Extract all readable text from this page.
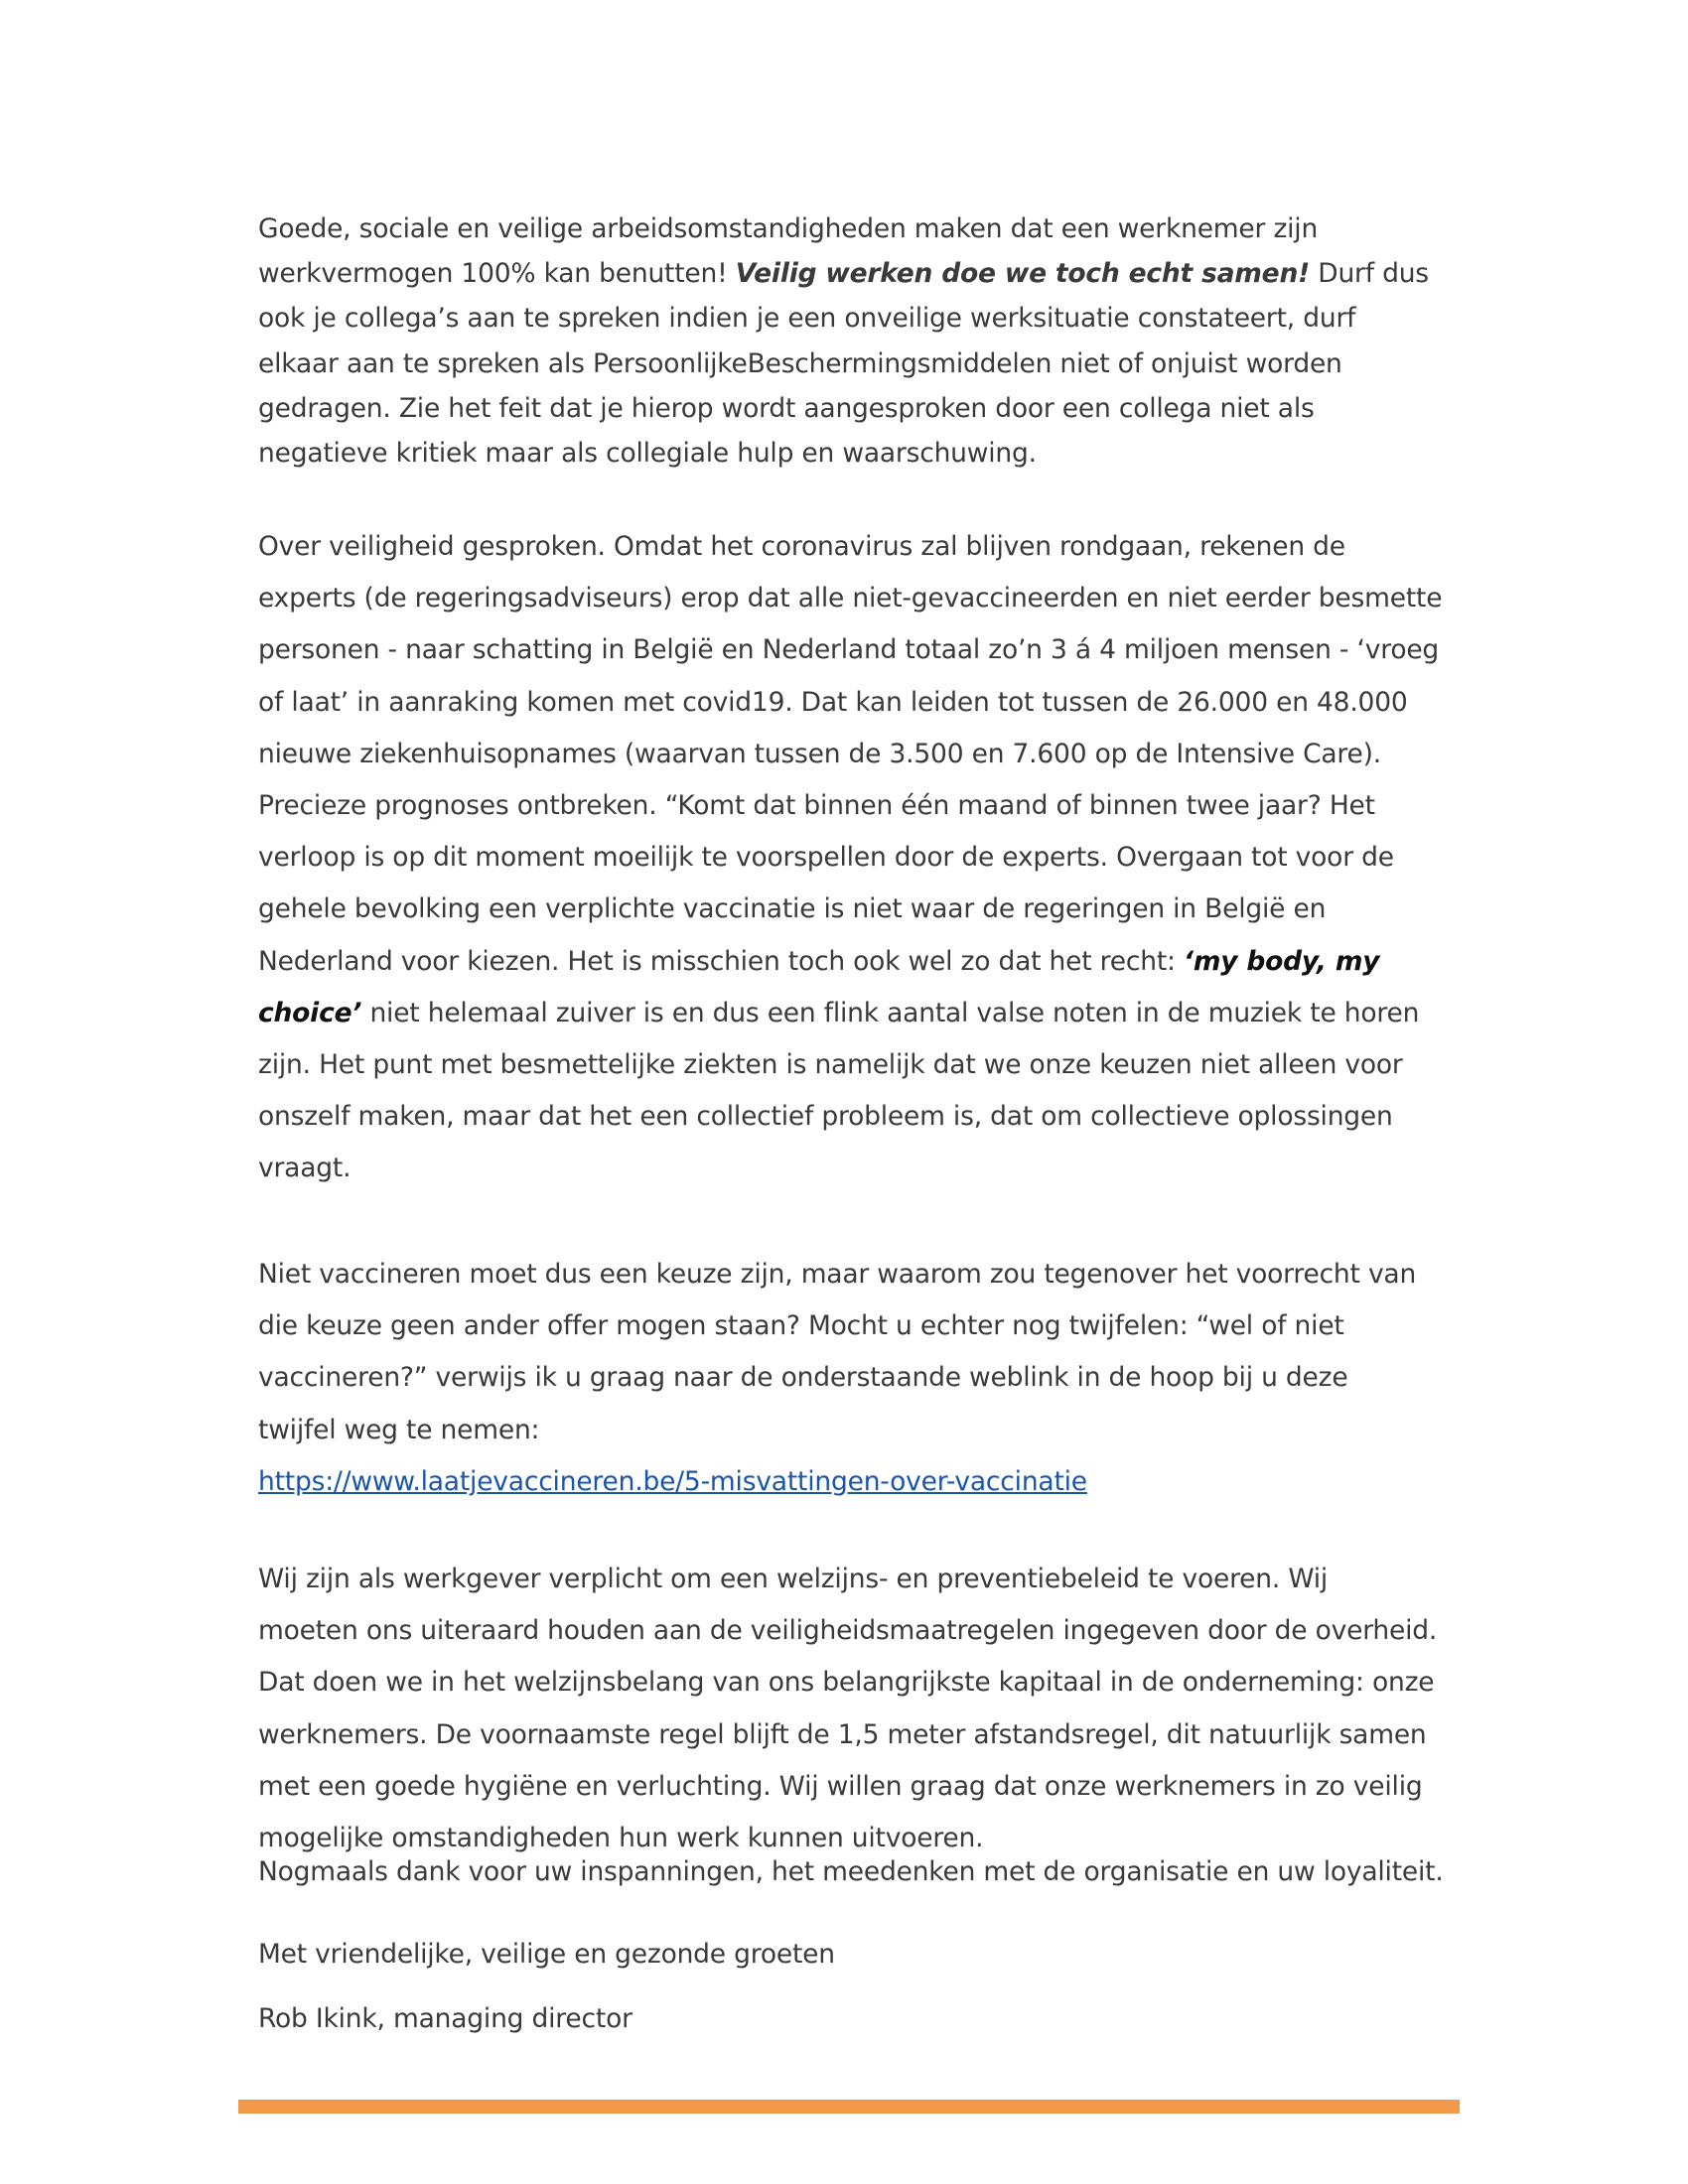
Goede, sociale en veilige arbeidsomstandigheden maken dat een werknemer zijn
werkvermogen 100% kan benutten! Veilig werken doe we toch echt samen! Durf dus
ook je collega’s aan te spreken indien je een onveilige werksituatie constateert, durf
elkaar aan te spreken als PersoonlijkeBeschermingsmiddelen niet of onjuist worden
gedragen. Zie het feit dat je hierop wordt aangesproken door een collega niet als
negatieve kritiek maar als collegiale hulp en waarschuwing.
Over veiligheid gesproken. Omdat het coronavirus zal blijven rondgaan, rekenen de
experts (de regeringsadviseurs) erop dat alle niet-gevaccineerden en niet eerder besmette
personen - naar schatting in België en Nederland totaal zo’n 3 á 4 miljoen mensen - ‘vroeg
of laat’ in aanraking komen met covid19. Dat kan leiden tot tussen de 26.000 en 48.000
nieuwe ziekenhuisopnames (waarvan tussen de 3.500 en 7.600 op de Intensive Care).
Precieze prognoses ontbreken. “Komt dat binnen één maand of binnen twee jaar? Het
verloop is op dit moment moeilijk te voorspellen door de experts. Overgaan tot voor de
gehele bevolking een verplichte vaccinatie is niet waar de regeringen in België en
Nederland voor kiezen. Het is misschien toch ook wel zo dat het recht: ‘my body, my
choice’ niet helemaal zuiver is en dus een flink aantal valse noten in de muziek te horen
zijn. Het punt met besmettelijke ziekten is namelijk dat we onze keuzen niet alleen voor
onszelf maken, maar dat het een collectief probleem is, dat om collectieve oplossingen
vraagt.
Niet vaccineren moet dus een keuze zijn, maar waarom zou tegenover het voorrecht van
die keuze geen ander offer mogen staan? Mocht u echter nog twijfelen: “wel of niet
vaccineren?” verwijs ik u graag naar de onderstaande weblink in de hoop bij u deze
twijfel weg te nemen:
https://www.laatjevaccineren.be/5-misvattingen-over-vaccinatie
Wij zijn als werkgever verplicht om een welzijns- en preventiebeleid te voeren. Wij
moeten ons uiteraard houden aan de veiligheidsmaatregelen ingegeven door de overheid.
Dat doen we in het welzijnsbelang van ons belangrijkste kapitaal in de onderneming: onze
werknemers. De voornaamste regel blijft de 1,5 meter afstandsregel, dit natuurlijk samen
met een goede hygiëne en verluchting. Wij willen graag dat onze werknemers in zo veilig
mogelijke omstandigheden hun werk kunnen uitvoeren.
Nogmaals dank voor uw inspanningen, het meedenken met de organisatie en uw loyaliteit.
Met vriendelijke, veilige en gezonde groeten
Rob Ikink, managing director
